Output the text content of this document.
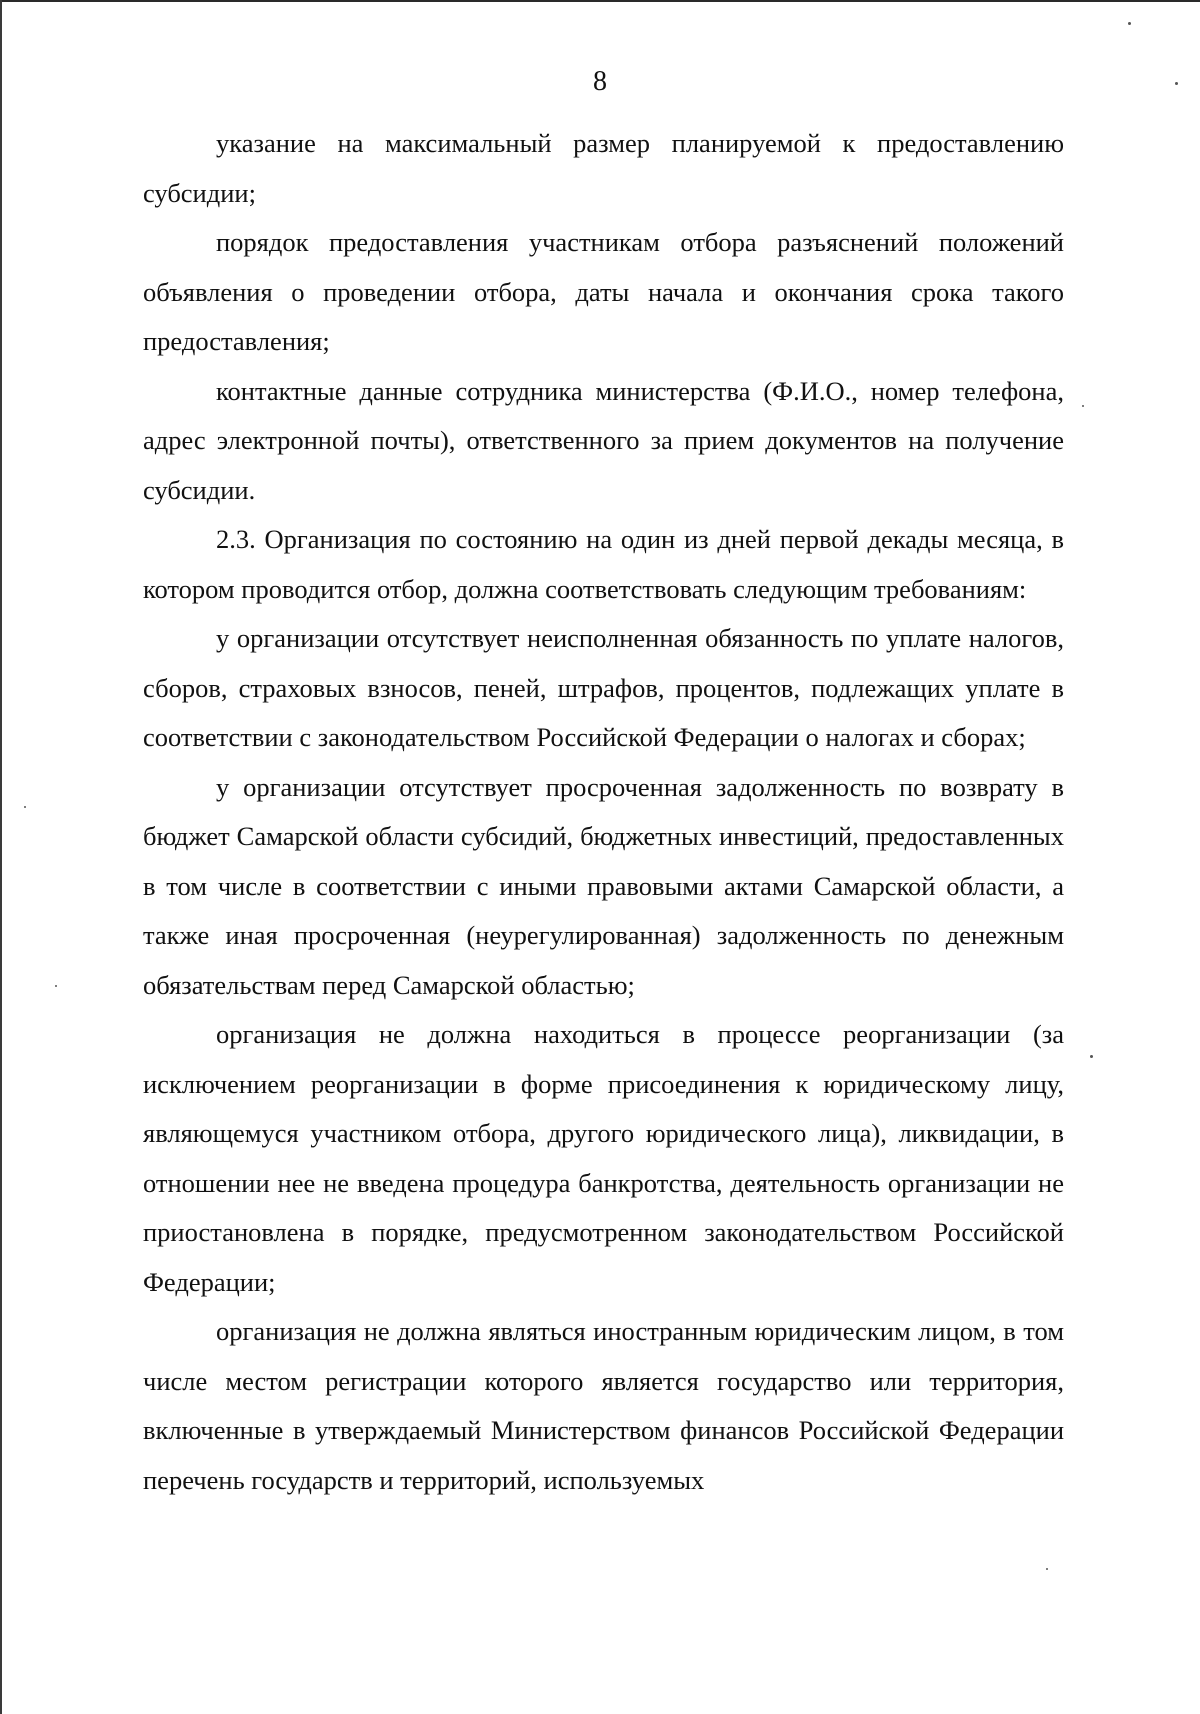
8

указание на максимальный размер планируемой к предоставлению субсидии;

порядок предоставления участникам отбора разъяснений положений объявления о проведении отбора, даты начала и окончания срока такого предоставления;

контактные данные сотрудника министерства (Ф.И.О., номер телефона, адрес электронной почты), ответственного за прием документов на получение субсидии.

2.3. Организация по состоянию на один из дней первой декады месяца, в котором проводится отбор, должна соответствовать следующим требованиям:

у организации отсутствует неисполненная обязанность по уплате налогов, сборов, страховых взносов, пеней, штрафов, процентов, подлежащих уплате в соответствии с законодательством Российской Федерации о налогах и сборах;

у организации отсутствует просроченная задолженность по возврату в бюджет Самарской области субсидий, бюджетных инвестиций, предоставленных в том числе в соответствии с иными правовыми актами Самарской области, а также иная просроченная (неурегулированная) задолженность по денежным обязательствам перед Самарской областью;

организация не должна находиться в процессе реорганизации (за исключением реорганизации в форме присоединения к юридическому лицу, являющемуся участником отбора, другого юридического лица), ликвидации, в отношении нее не введена процедура банкротства, деятельность организации не приостановлена в порядке, предусмотренном законодательством Российской Федерации;

организация не должна являться иностранным юридическим лицом, в том числе местом регистрации которого является государство или территория, включенные в утверждаемый Министерством финансов Российской Федерации перечень государств и территорий, используемых
